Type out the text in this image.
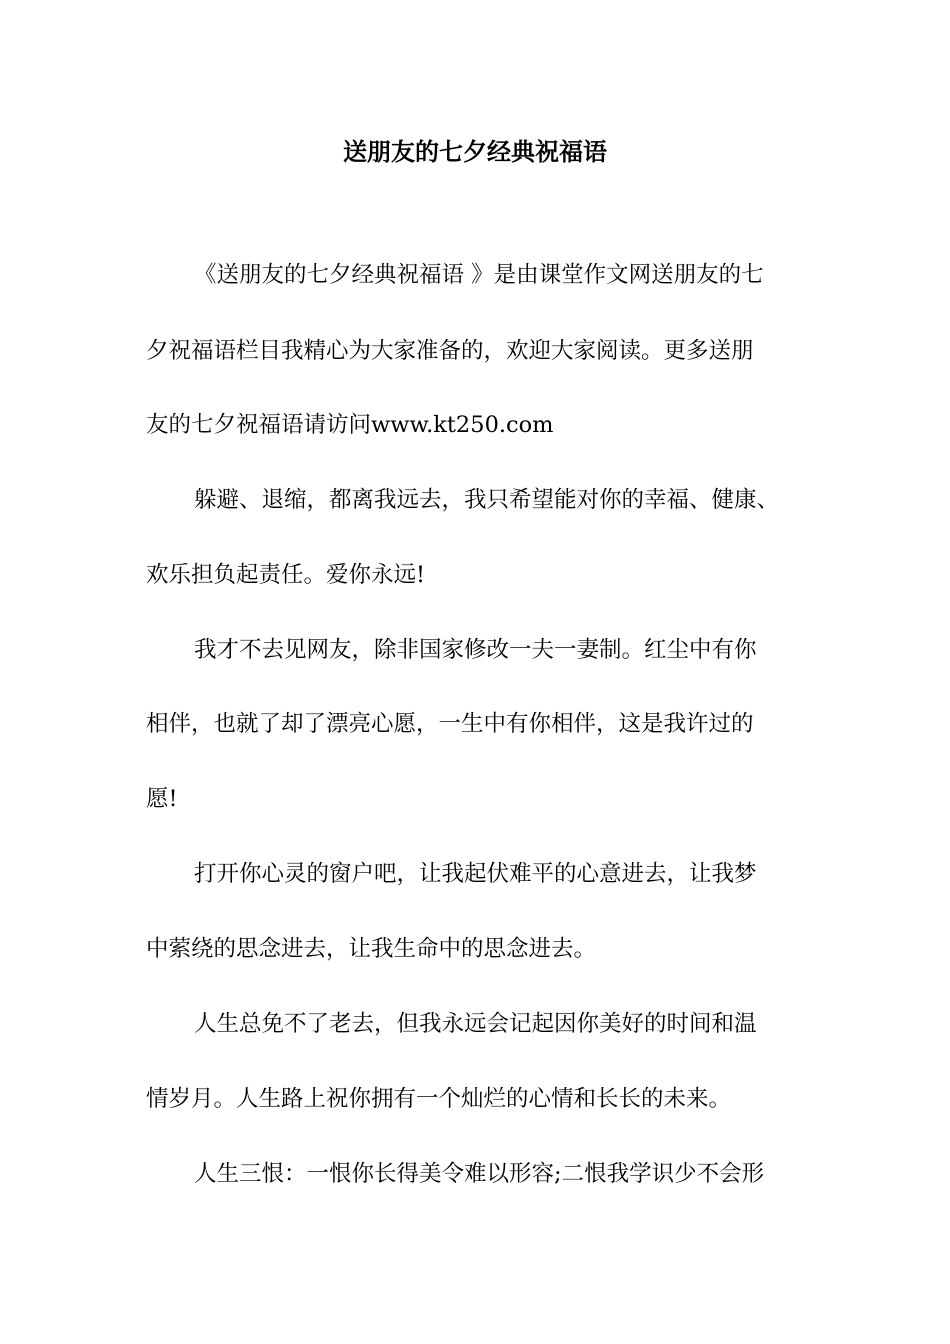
送朋友的七夕经典祝福语

《送朋友的七夕经典祝福语 》是由课堂作文网送朋友的七

夕祝福语栏目我精心为大家准备的，欢迎大家阅读。更多送朋

友的七夕祝福语请访问www.kt250.com

躲避、退缩，都离我远去，我只希望能对你的幸福、健康、

欢乐担负起责任。爱你永远!

我才不去见网友，除非国家修改一夫一妻制。红尘中有你

相伴，也就了却了漂亮心愿，一生中有你相伴，这是我许过的

愿!

打开你心灵的窗户吧，让我起伏难平的心意进去，让我梦

中萦绕的思念进去，让我生命中的思念进去。

人生总免不了老去，但我永远会记起因你美好的时间和温

情岁月。人生路上祝你拥有一个灿烂的心情和长长的未来。

人生三恨：一恨你长得美令难以形容;二恨我学识少不会形
